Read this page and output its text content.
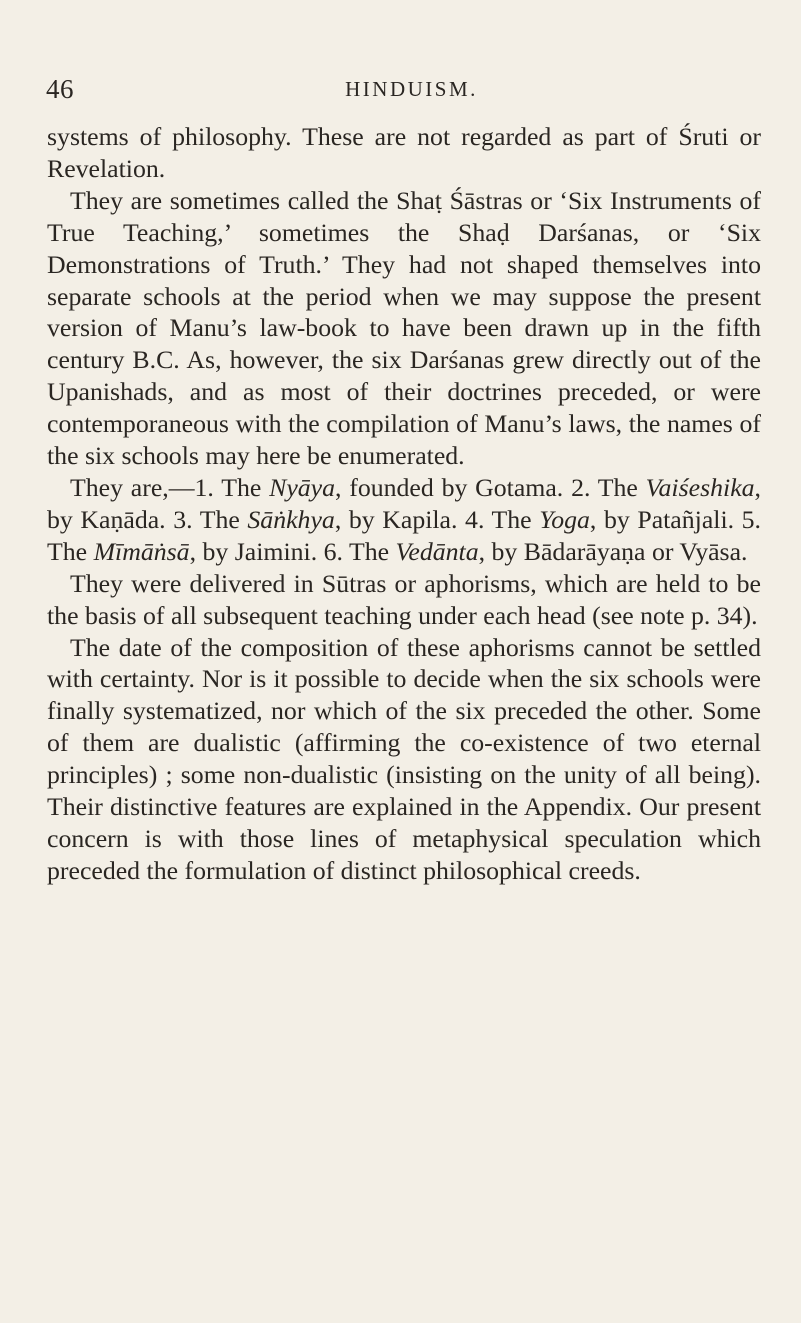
46	HINDUISM.

systems of philosophy. These are not regarded as part of Śruti or Revelation.

They are sometimes called the Shaṭ Śāstras or ‘Six Instruments of True Teaching,’ sometimes the Shaḍ Darśanas, or ‘Six Demonstrations of Truth.’ They had not shaped themselves into separate schools at the period when we may suppose the present version of Manu’s law-book to have been drawn up in the fifth century B.C. As, however, the six Darśanas grew directly out of the Upanishads, and as most of their doctrines preceded, or were contemporaneous with the compilation of Manu’s laws, the names of the six schools may here be enumerated.

They are,—1. The Nyāya, founded by Gotama. 2. The Vaiśeshika, by Kaṇāda. 3. The Sāṅkhya, by Kapila. 4. The Yoga, by Patañjali. 5. The Mīmāṅsā, by Jaimini. 6. The Vedānta, by Bādarāyaṇa or Vyāsa.

They were delivered in Sūtras or aphorisms, which are held to be the basis of all subsequent teaching under each head (see note p. 34).

The date of the composition of these aphorisms cannot be settled with certainty. Nor is it possible to decide when the six schools were finally systematized, nor which of the six preceded the other. Some of them are dualistic (affirming the co-existence of two eternal principles) ; some non-dualistic (insisting on the unity of all being). Their distinctive features are explained in the Appendix. Our present concern is with those lines of metaphysical speculation which preceded the formulation of distinct philosophical creeds.
